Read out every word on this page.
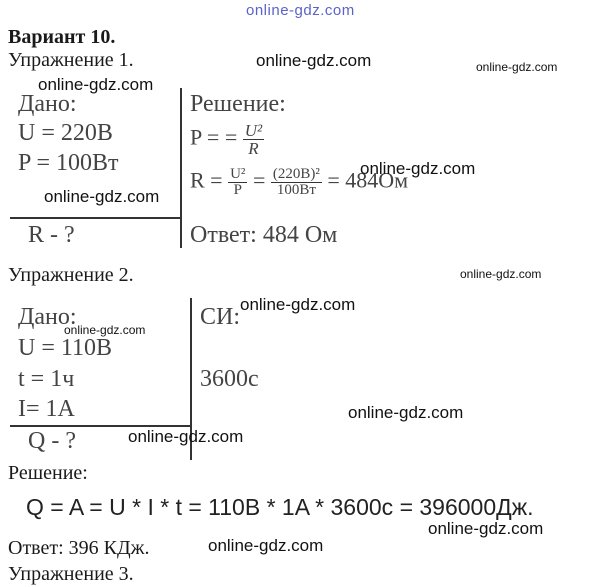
online-gdz.com
Вариант 10.
Упражнение 1.
Дано:
U = 220B
P = 100Вт
R - ?
Решение:
P = = $\frac{\text{U²}}{R}$
$R = \frac{\text{U²}}{P} = \frac{\text{(220B)²}}{100Вт} = 484Ом$
Ответ: 484 Ом
Упражнение 2.
Дано:
U = 110B
t = 1ч
I= 1A
Q - ?
СИ:
3600c
Решение:
Q = A = U * I * t = 110B * 1A * 3600c = 396000Дж.
Ответ: 396 КДж.
Упражнение 3.
online-gdz.com	online-gdz.com
online-gdz.com
online-gdz.com
online-gdz.com
online-gdz.com
online-gdz.com
online-gdz.com
online-gdz.com
online-gdz.com
online-gdz.com
online-gdz.com
